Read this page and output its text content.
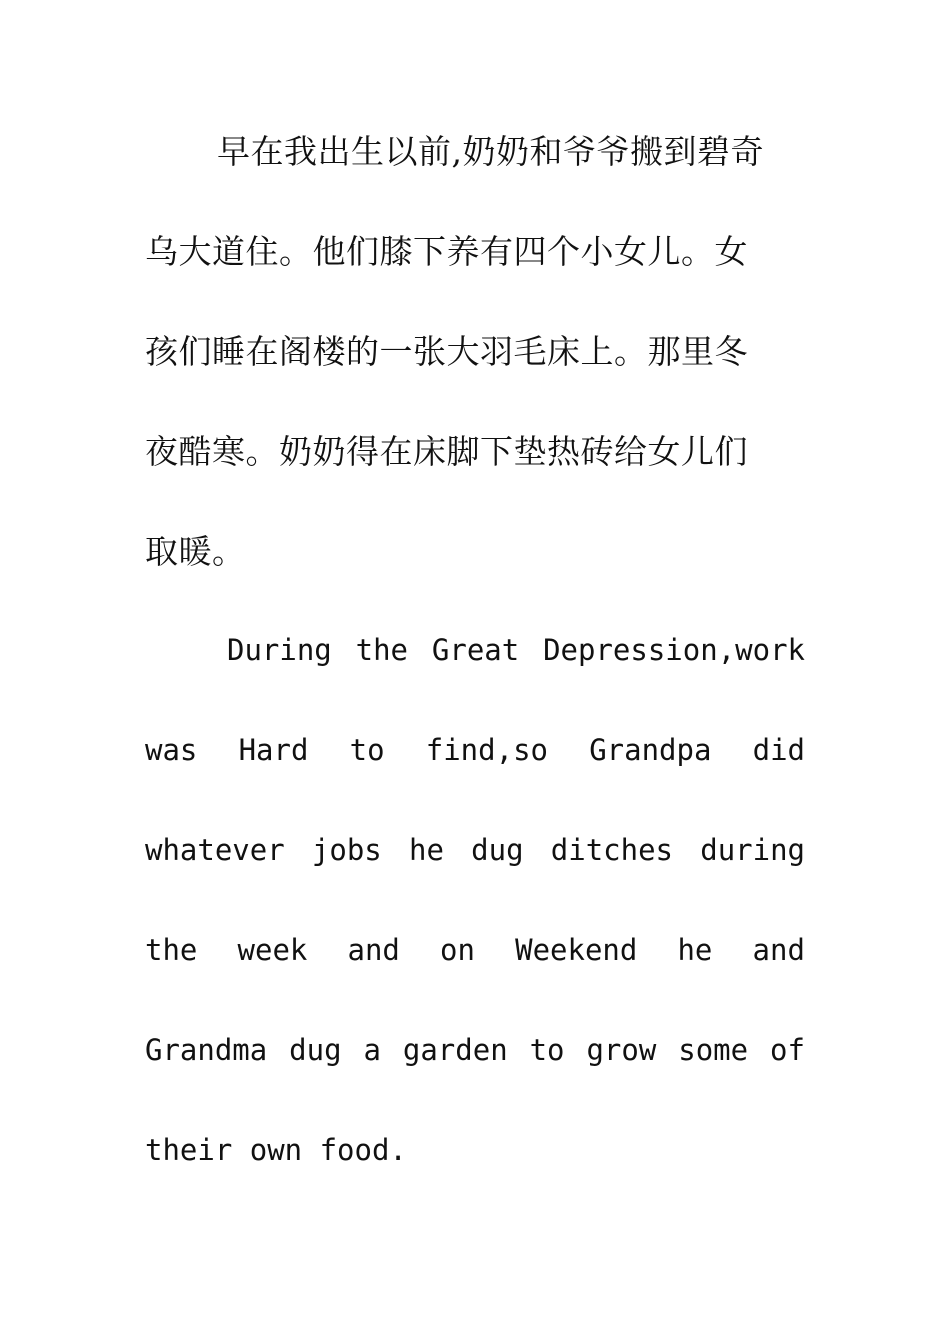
早在我出生以前,奶奶和爷爷搬到碧奇
乌大道住。他们膝下养有四个小女儿。女
孩们睡在阁楼的一张大羽毛床上。那里冬
夜酷寒。奶奶得在床脚下垫热砖给女儿们
取暖。
During the Great Depression,work
was Hard to find,so Grandpa did
whatever jobs he dug ditches during
the week and on Weekend he and
Grandma dug a garden to grow some of
their own food.
